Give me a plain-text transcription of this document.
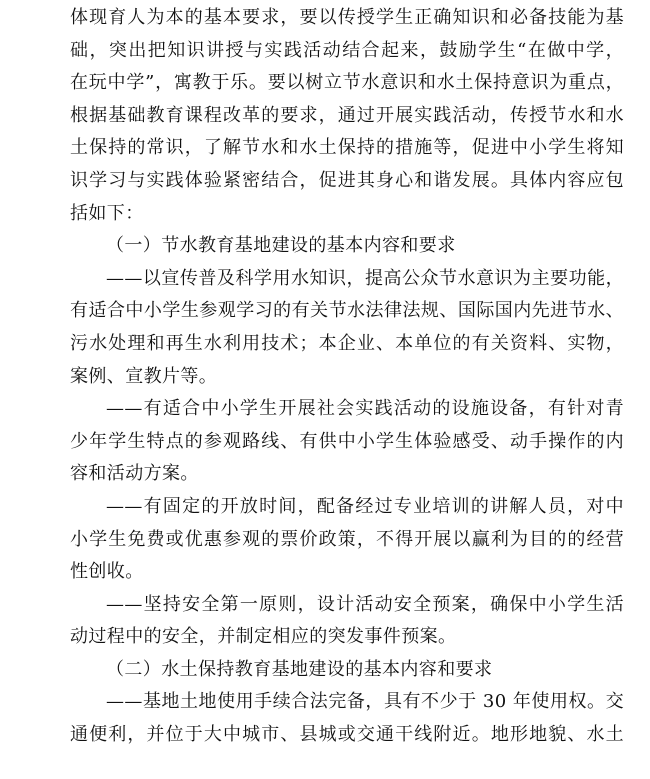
体现育人为本的基本要求，要以传授学生正确知识和必备技能为基
础，突出把知识讲授与实践活动结合起来，鼓励学生“在做中学，
在玩中学”，寓教于乐。要以树立节水意识和水土保持意识为重点，
根据基础教育课程改革的要求，通过开展实践活动，传授节水和水
土保持的常识，了解节水和水土保持的措施等，促进中小学生将知
识学习与实践体验紧密结合，促进其身心和谐发展。具体内容应包
括如下：
（一）节水教育基地建设的基本内容和要求
——以宣传普及科学用水知识，提高公众节水意识为主要功能，
有适合中小学生参观学习的有关节水法律法规、国际国内先进节水、
污水处理和再生水利用技术；本企业、本单位的有关资料、实物，
案例、宣教片等。
——有适合中小学生开展社会实践活动的设施设备，有针对青
少年学生特点的参观路线、有供中小学生体验感受、动手操作的内
容和活动方案。
——有固定的开放时间，配备经过专业培训的讲解人员，对中
小学生免费或优惠参观的票价政策，不得开展以赢利为目的的经营
性创收。
——坚持安全第一原则，设计活动安全预案，确保中小学生活
动过程中的安全，并制定相应的突发事件预案。
（二）水土保持教育基地建设的基本内容和要求
——基地土地使用手续合法完备，具有不少于 30 年使用权。交
通便利，并位于大中城市、县城或交通干线附近。地形地貌、水土
